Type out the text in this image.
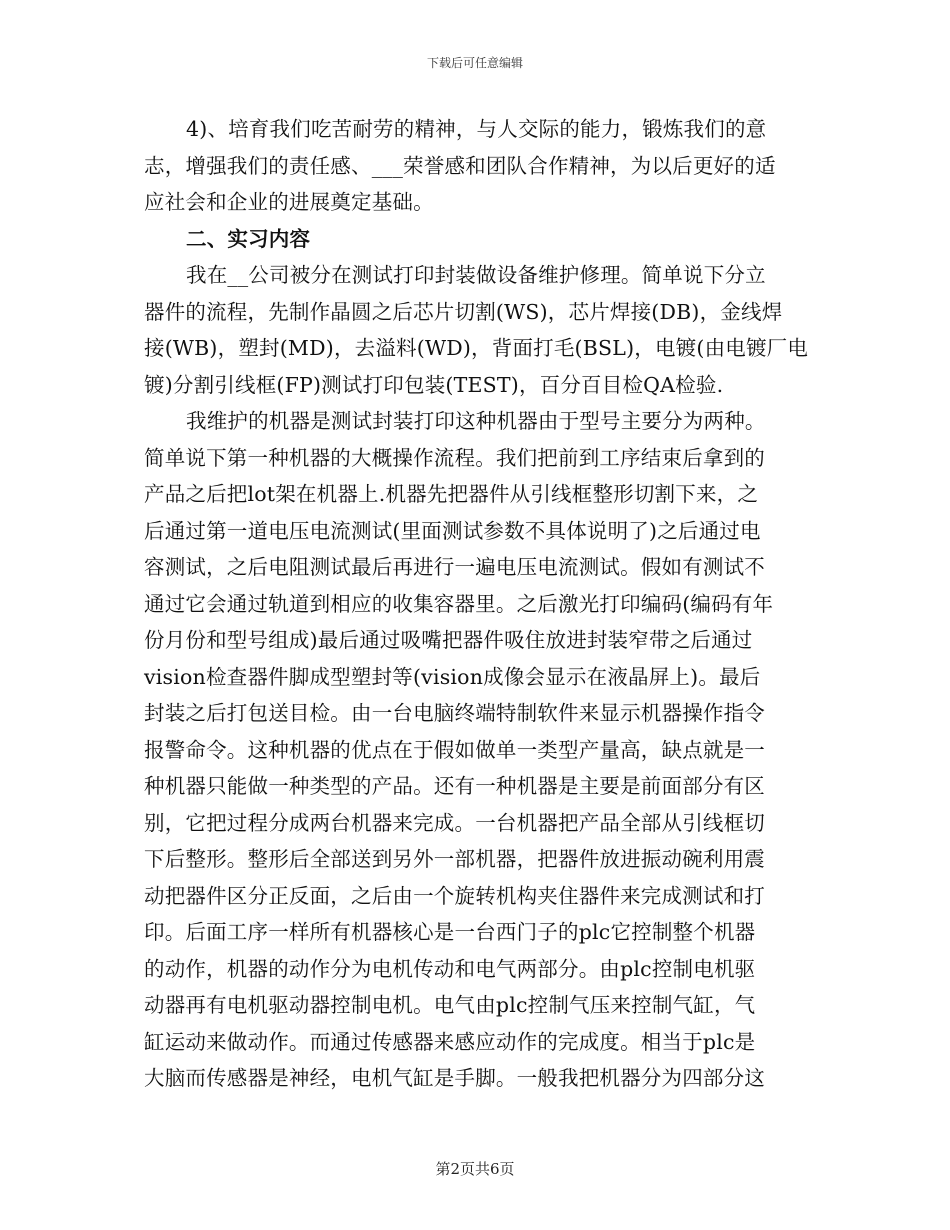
下载后可任意编辑
4)、培育我们吃苦耐劳的精神，与人交际的能力，锻炼我们的意
志，增强我们的责任感、___荣誉感和团队合作精神，为以后更好的适
应社会和企业的进展奠定基础。
二、实习内容
我在__公司被分在测试打印封装做设备维护修理。简单说下分立
器件的流程，先制作晶圆之后芯片切割(WS)，芯片焊接(DB)，金线焊
接(WB)，塑封(MD)，去溢料(WD)，背面打毛(BSL)，电镀(由电镀厂电
镀)分割引线框(FP)测试打印包装(TEST)，百分百目检QA检验.
我维护的机器是测试封装打印这种机器由于型号主要分为两种。
简单说下第一种机器的大概操作流程。我们把前到工序结束后拿到的
产品之后把lot架在机器上.机器先把器件从引线框整形切割下来，之
后通过第一道电压电流测试(里面测试参数不具体说明了)之后通过电
容测试，之后电阻测试最后再进行一遍电压电流测试。假如有测试不
通过它会通过轨道到相应的收集容器里。之后激光打印编码(编码有年
份月份和型号组成)最后通过吸嘴把器件吸住放进封装窄带之后通过
vision检查器件脚成型塑封等(vision成像会显示在液晶屏上)。最后
封装之后打包送目检。由一台电脑终端特制软件来显示机器操作指令
报警命令。这种机器的优点在于假如做单一类型产量高，缺点就是一
种机器只能做一种类型的产品。还有一种机器是主要是前面部分有区
别，它把过程分成两台机器来完成。一台机器把产品全部从引线框切
下后整形。整形后全部送到另外一部机器，把器件放进振动碗利用震
动把器件区分正反面，之后由一个旋转机构夹住器件来完成测试和打
印。后面工序一样所有机器核心是一台西门子的plc它控制整个机器
的动作，机器的动作分为电机传动和电气两部分。由plc控制电机驱
动器再有电机驱动器控制电机。电气由plc控制气压来控制气缸，气
缸运动来做动作。而通过传感器来感应动作的完成度。相当于plc是
大脑而传感器是神经，电机气缸是手脚。一般我把机器分为四部分这
第2页共6页
